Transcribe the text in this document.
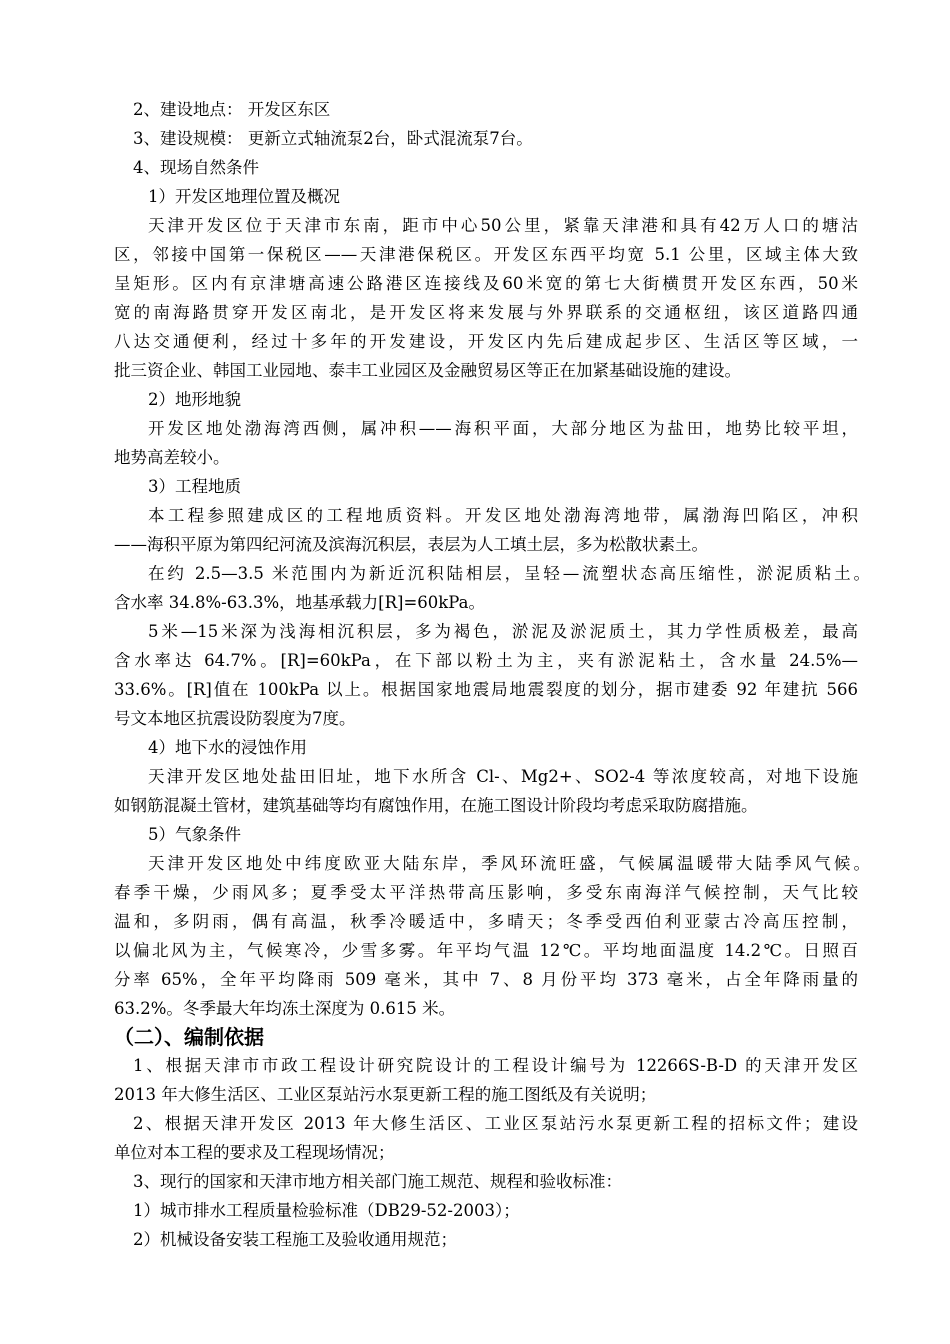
2、建设地点： 开发区东区
3、建设规模： 更新立式轴流泵2台，卧式混流泵7台。
4、现场自然条件
1）开发区地理位置及概况
天津开发区位于天津市东南，距市中心50公里，紧靠天津港和具有42万人口的塘沽
区，邻接中国第一保税区——天津港保税区。开发区东西平均宽 5.1 公里，区域主体大致
呈矩形。区内有京津塘高速公路港区连接线及60米宽的第七大街横贯开发区东西，50米
宽的南海路贯穿开发区南北，是开发区将来发展与外界联系的交通枢纽，该区道路四通
八达交通便利，经过十多年的开发建设，开发区内先后建成起步区、生活区等区域，一
批三资企业、韩国工业园地、泰丰工业园区及金融贸易区等正在加紧基础设施的建设。
2）地形地貌
开发区地处渤海湾西侧，属冲积——海积平面，大部分地区为盐田，地势比较平坦，
地势高差较小。
3）工程地质
本工程参照建成区的工程地质资料。开发区地处渤海湾地带，属渤海凹陷区，冲积
——海积平原为第四纪河流及滨海沉积层，表层为人工填土层，多为松散状素土。
在约 2.5—3.5 米范围内为新近沉积陆相层，呈轻—流塑状态高压缩性，淤泥质粘土。
含水率 34.8%-63.3%，地基承载力[R]=60kPa。
5米—15米深为浅海相沉积层，多为褐色，淤泥及淤泥质土，其力学性质极差，最高
含水率达 64.7%。[R]=60kPa，在下部以粉土为主，夹有淤泥粘土，含水量 24.5%—
33.6%。[R]值在 100kPa 以上。根据国家地震局地震裂度的划分，据市建委 92 年建抗 566
号文本地区抗震设防裂度为7度。
4）地下水的浸蚀作用
天津开发区地处盐田旧址，地下水所含 Cl-、Mg2+、SO2-4 等浓度较高，对地下设施
如钢筋混凝土管材，建筑基础等均有腐蚀作用，在施工图设计阶段均考虑采取防腐措施。
5）气象条件
天津开发区地处中纬度欧亚大陆东岸，季风环流旺盛，气候属温暖带大陆季风气候。
春季干燥，少雨风多；夏季受太平洋热带高压影响，多受东南海洋气候控制，天气比较
温和，多阴雨，偶有高温，秋季冷暖适中，多晴天；冬季受西伯利亚蒙古冷高压控制，
以偏北风为主，气候寒冷，少雪多雾。年平均气温 12℃。平均地面温度 14.2℃。日照百
分率 65%，全年平均降雨 509 毫米，其中 7、8 月份平均 373 毫米，占全年降雨量的
63.2%。冬季最大年均冻土深度为 0.615 米。
（二）、编制依据
1、根据天津市市政工程设计研究院设计的工程设计编号为 12266S-B-D 的天津开发区
2013 年大修生活区、工业区泵站污水泵更新工程的施工图纸及有关说明；
2、根据天津开发区 2013 年大修生活区、工业区泵站污水泵更新工程的招标文件；建设
单位对本工程的要求及工程现场情况；
3、现行的国家和天津市地方相关部门施工规范、规程和验收标准：
1）城市排水工程质量检验标准（DB29-52-2003）；
2）机械设备安装工程施工及验收通用规范；
